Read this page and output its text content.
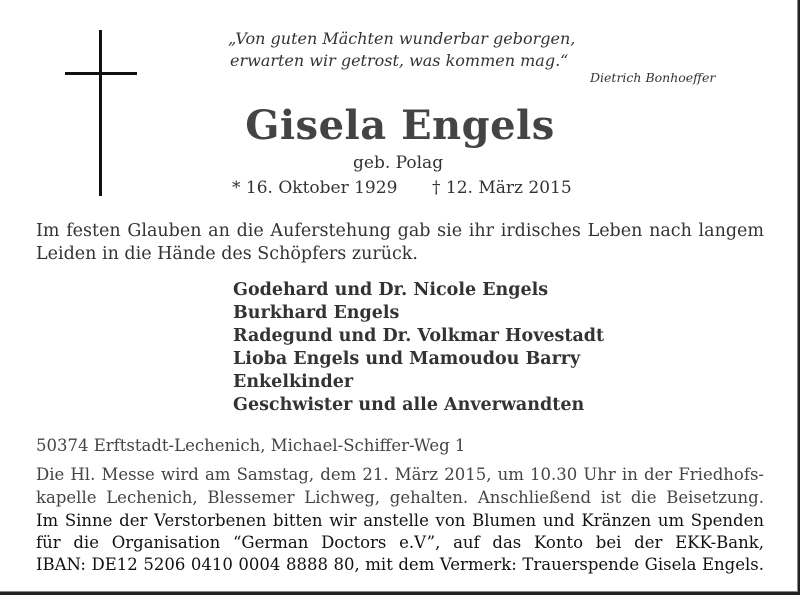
„Von guten Mächten wunderbar geborgen,
erwarten wir getrost, was kommen mag.“
Dietrich Bonhoeffer
Gisela Engels
geb. Polag
* 16. Oktober 1929 † 12. März 2015
Im festen Glauben an die Auferstehung gab sie ihr irdisches Leben nach langem Leiden in die Hände des Schöpfers zurück.
Godehard und Dr. Nicole Engels
Burkhard Engels
Radegund und Dr. Volkmar Hovestadt
Lioba Engels und Mamoudou Barry
Enkelkinder
Geschwister und alle Anverwandten
50374 Erftstadt-Lechenich, Michael-Schiffer-Weg 1
Die Hl. Messe wird am Samstag, dem 21. März 2015, um 10.30 Uhr in der Friedhofs-
kapelle Lechenich, Blessemer Lichweg, gehalten. Anschließend ist die Beisetzung.
Im Sinne der Verstorbenen bitten wir anstelle von Blumen und Kränzen um Spenden
für die Organisation “German Doctors e.V”, auf das Konto bei der EKK-Bank,
IBAN: DE12 5206 0410 0004 8888 80, mit dem Vermerk: Trauerspende Gisela Engels.
